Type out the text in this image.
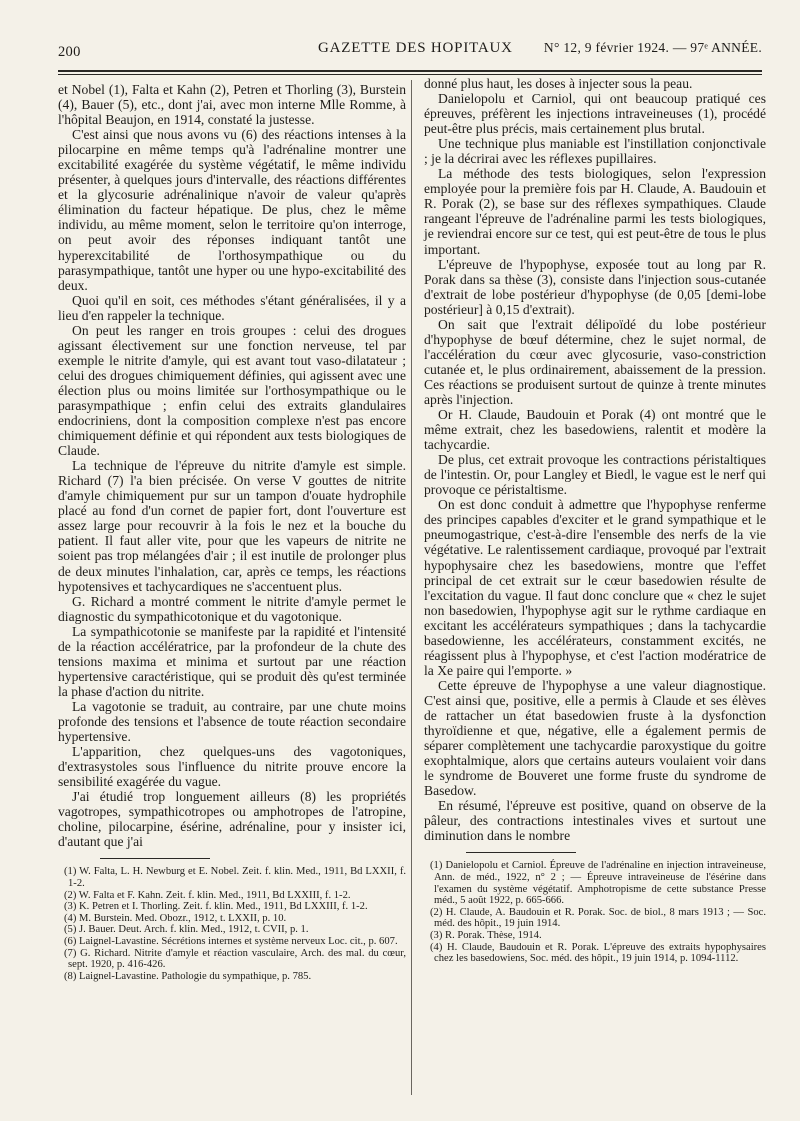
200	GAZETTE DES HOPITAUX N° 12, 9 février 1924. — 97ᵉ ANNÉE.

et Nobel (1), Falta et Kahn (2), Petren et Thorling (3), Burstein (4), Bauer (5), etc., dont j'ai, avec mon interne Mlle Romme, à l'hôpital Beaujon, en 1914, constaté la justesse.

C'est ainsi que nous avons vu (6) des réactions intenses à la pilocarpine en même temps qu'à l'adrénaline montrer une excitabilité exagérée du système végétatif, le même individu présenter, à quelques jours d'intervalle, des réactions différentes et la glycosurie adrénalinique n'avoir de valeur qu'après élimination du facteur hépatique. De plus, chez le même individu, au même moment, selon le territoire qu'on interroge, on peut avoir des réponses indiquant tantôt une hyperexcitabilité de l'orthosympathique ou du parasympathique, tantôt une hyper ou une hypo-excitabilité des deux.

Quoi qu'il en soit, ces méthodes s'étant généralisées, il y a lieu d'en rappeler la technique.

On peut les ranger en trois groupes : celui des drogues agissant électivement sur une fonction nerveuse, tel par exemple le nitrite d'amyle, qui est avant tout vaso-dilatateur ; celui des drogues chimiquement définies, qui agissent avec une élection plus ou moins limitée sur l'orthosympathique ou le parasympathique ; enfin celui des extraits glandulaires endocriniens, dont la composition complexe n'est pas encore chimiquement définie et qui répondent aux tests biologiques de Claude.

La technique de l'épreuve du nitrite d'amyle est simple. Richard (7) l'a bien précisée. On verse V gouttes de nitrite d'amyle chimiquement pur sur un tampon d'ouate hydrophile placé au fond d'un cornet de papier fort, dont l'ouverture est assez large pour recouvrir à la fois le nez et la bouche du patient. Il faut aller vite, pour que les vapeurs de nitrite ne soient pas trop mélangées d'air ; il est inutile de prolonger plus de deux minutes l'inhalation, car, après ce temps, les réactions hypotensives et tachycardiques ne s'accentuent plus.

G. Richard a montré comment le nitrite d'amyle permet le diagnostic du sympathicotonique et du vagotonique.

La sympathicotonie se manifeste par la rapidité et l'intensité de la réaction accélératrice, par la profondeur de la chute des tensions maxima et minima et surtout par une réaction hypertensive caractéristique, qui se produit dès qu'est terminée la phase d'action du nitrite.

La vagotonie se traduit, au contraire, par une chute moins profonde des tensions et l'absence de toute réaction secondaire hypertensive.

L'apparition, chez quelques-uns des vagotoniques, d'extrasystoles sous l'influence du nitrite prouve encore la sensibilité exagérée du vague.

J'ai étudié trop longuement ailleurs (8) les propriétés vagotropes, sympathicotropes ou amphotropes de l'atropine, choline, pilocarpine, ésérine, adrénaline, pour y insister ici, d'autant que j'ai

(1) W. Falta, L. H. Newburg et E. Nobel. Zeit. f. klin. Med., 1911, Bd LXXII, f. 1-2.

(2) W. Falta et F. Kahn. Zeit. f. klin. Med., 1911, Bd LXXIII, f. 1-2.

(3) K. Petren et I. Thorling. Zeit. f. klin. Med., 1911, Bd LXXIII, f. 1-2.

(4) M. Burstein. Med. Obozr., 1912, t. LXXII, p. 10.

(5) J. Bauer. Deut. Arch. f. klin. Med., 1912, t. CVII, p. 1.

(6) Laignel-Lavastine. Sécrétions internes et système nerveux Loc. cit., p. 607.

(7) G. Richard. Nitrite d'amyle et réaction vasculaire, Arch. des mal. du cœur, sept. 1920, p. 416-426.

(8) Laignel-Lavastine. Pathologie du sympathique, p. 785.

donné plus haut, les doses à injecter sous la peau.

Danielopolu et Carniol, qui ont beaucoup pratiqué ces épreuves, préfèrent les injections intraveineuses (1), procédé peut-être plus précis, mais certainement plus brutal.

Une technique plus maniable est l'instillation conjonctivale ; je la décrirai avec les réflexes pupillaires.

La méthode des tests biologiques, selon l'expression employée pour la première fois par H. Claude, A. Baudouin et R. Porak (2), se base sur des réflexes sympathiques. Claude rangeant l'épreuve de l'adrénaline parmi les tests biologiques, je reviendrai encore sur ce test, qui est peut-être de tous le plus important.

L'épreuve de l'hypophyse, exposée tout au long par R. Porak dans sa thèse (3), consiste dans l'injection sous-cutanée d'extrait de lobe postérieur d'hypophyse (de 0,05 [demi-lobe postérieur] à 0,15 d'extrait).

On sait que l'extrait délipoïdé du lobe postérieur d'hypophyse de bœuf détermine, chez le sujet normal, de l'accélération du cœur avec glycosurie, vaso-constriction cutanée et, le plus ordinairement, abaissement de la pression. Ces réactions se produisent surtout de quinze à trente minutes après l'injection.

Or H. Claude, Baudouin et Porak (4) ont montré que le même extrait, chez les basedowiens, ralentit et modère la tachycardie.

De plus, cet extrait provoque les contractions péristaltiques de l'intestin. Or, pour Langley et Biedl, le vague est le nerf qui provoque ce péristaltisme.

On est donc conduit à admettre que l'hypophyse renferme des principes capables d'exciter et le grand sympathique et le pneumogastrique, c'est-à-dire l'ensemble des nerfs de la vie végétative. Le ralentissement cardiaque, provoqué par l'extrait hypophysaire chez les basedowiens, montre que l'effet principal de cet extrait sur le cœur basedowien résulte de l'excitation du vague. Il faut donc conclure que « chez le sujet non basedowien, l'hypophyse agit sur le rythme cardiaque en excitant les accélérateurs sympathiques ; dans la tachycardie basedowienne, les accélérateurs, constamment excités, ne réagissent plus à l'hypophyse, et c'est l'action modératrice de la Xe paire qui l'emporte. »

Cette épreuve de l'hypophyse a une valeur diagnostique. C'est ainsi que, positive, elle a permis à Claude et ses élèves de rattacher un état basedowien fruste à la dysfonction thyroïdienne et que, négative, elle a également permis de séparer complètement une tachycardie paroxystique du goitre exophtalmique, alors que certains auteurs voulaient voir dans le syndrome de Bouveret une forme fruste du syndrome de Basedow.

En résumé, l'épreuve est positive, quand on observe de la pâleur, des contractions intestinales vives et surtout une diminution dans le nombre

(1) Danielopolu et Carniol. Épreuve de l'adrénaline en injection intraveineuse, Ann. de méd., 1922, n° 2 ; — Épreuve intraveineuse de l'ésérine dans l'examen du système végétatif. Amphotropisme de cette substance Presse méd., 5 août 1922, p. 665-666.

(2) H. Claude, A. Baudouin et R. Porak. Soc. de biol., 8 mars 1913 ; — Soc. méd. des hôpit., 19 juin 1914.

(3) R. Porak. Thèse, 1914.

(4) H. Claude, Baudouin et R. Porak. L'épreuve des extraits hypophysaires chez les basedowiens, Soc. méd. des hôpit., 19 juin 1914, p. 1094-1112.
